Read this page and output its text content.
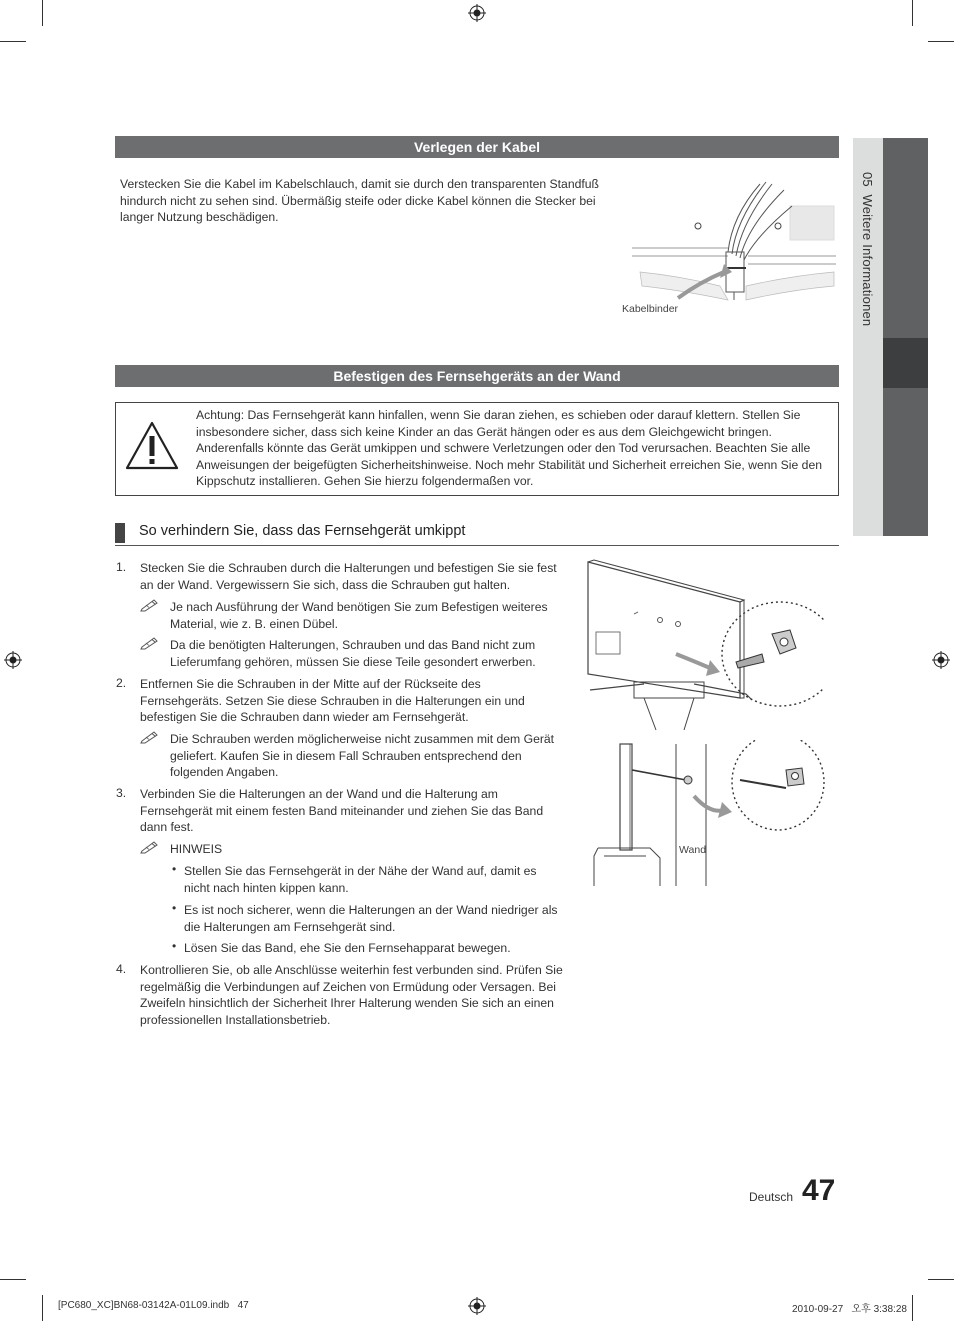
05  Weitere Informationen
Verlegen der Kabel
Verstecken Sie die Kabel im Kabelschlauch, damit sie durch den transparenten Standfuß hindurch nicht zu sehen sind. Übermäßig steife oder dicke Kabel können die Stecker bei langer Nutzung beschädigen.
Kabelbinder
Befestigen des Fernsehgeräts an der Wand
Achtung: Das Fernsehgerät kann hinfallen, wenn Sie daran ziehen, es schieben oder darauf klettern. Stellen Sie insbesondere sicher, dass sich keine Kinder an das Gerät hängen oder es aus dem Gleichgewicht bringen. Anderenfalls könnte das Gerät umkippen und schwere Verletzungen oder den Tod verursachen. Beachten Sie alle Anweisungen der beigefügten Sicherheitshinweise. Noch mehr Stabilität und Sicherheit erreichen Sie, wenn Sie den Kippschutz installieren. Gehen Sie hierzu folgendermaßen vor.
So verhindern Sie, dass das Fernsehgerät umkippt
1. Stecken Sie die Schrauben durch die Halterungen und befestigen Sie sie fest an der Wand. Vergewissern Sie sich, dass die Schrauben gut halten.
Je nach Ausführung der Wand benötigen Sie zum Befestigen weiteres Material, wie z. B. einen Dübel.
Da die benötigten Halterungen, Schrauben und das Band nicht zum Lieferumfang gehören, müssen Sie diese Teile gesondert erwerben.
2. Entfernen Sie die Schrauben in der Mitte auf der Rückseite des Fernsehgeräts. Setzen Sie diese Schrauben in die Halterungen ein und befestigen Sie die Schrauben dann wieder am Fernsehgerät.
Die Schrauben werden möglicherweise nicht zusammen mit dem Gerät geliefert. Kaufen Sie in diesem Fall Schrauben entsprechend den folgenden Angaben.
3. Verbinden Sie die Halterungen an der Wand und die Halterung am Fernsehgerät mit einem festen Band miteinander und ziehen Sie das Band dann fest.
HINWEIS
• Stellen Sie das Fernsehgerät in der Nähe der Wand auf, damit es nicht nach hinten kippen kann.
• Es ist noch sicherer, wenn die Halterungen an der Wand niedriger als die Halterungen am Fernsehgerät sind.
• Lösen Sie das Band, ehe Sie den Fernsehapparat bewegen.
4. Kontrollieren Sie, ob alle Anschlüsse weiterhin fest verbunden sind. Prüfen Sie regelmäßig die Verbindungen auf Zeichen von Ermüdung oder Versagen. Bei Zweifeln hinsichtlich der Sicherheit Ihrer Halterung wenden Sie sich an einen professionellen Installationsbetrieb.
Wand
Deutsch 47
[PC680_XC]BN68-03142A-01L09.indb   47	2010-09-27   오후 3:38:28
